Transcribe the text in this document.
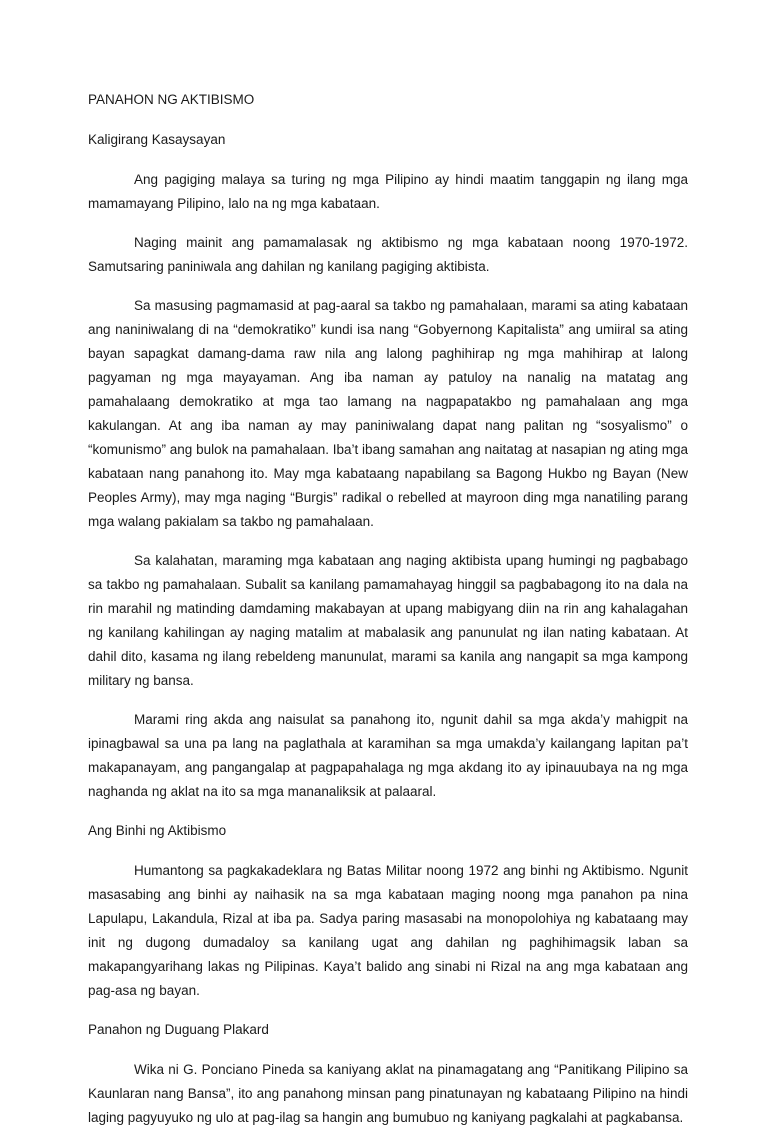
PANAHON NG AKTIBISMO
Kaligirang Kasaysayan

Ang pagiging malaya sa turing ng mga Pilipino ay hindi maatim tanggapin ng ilang mga mamamayang Pilipino, lalo na ng mga kabataan.

Naging mainit ang pamamalasak ng aktibismo ng mga kabataan noong 1970-1972. Samutsaring paniniwala ang dahilan ng kanilang pagiging aktibista.

Sa masusing pagmamasid at pag-aaral sa takbo ng pamahalaan, marami sa ating kabataan ang naniniwalang di na “demokratiko” kundi isa nang “Gobyernong Kapitalista” ang umiiral sa ating bayan sapagkat damang-dama raw nila ang lalong paghihirap ng mga mahihirap at lalong pagyaman ng mga mayayaman. Ang iba naman ay patuloy na nanalig na matatag ang pamahalaang demokratiko at mga tao lamang na nagpapatakbo ng pamahalaan ang mga kakulangan. At ang iba naman ay may paniniwalang dapat nang palitan ng “sosyalismo” o “komunismo” ang bulok na pamahalaan. Iba’t ibang samahan ang naitatag at nasapian ng ating mga kabataan nang panahong ito. May mga kabataang napabilang sa Bagong Hukbo ng Bayan (New Peoples Army), may mga naging “Burgis” radikal o rebelled at mayroon ding mga nanatiling parang mga walang pakialam sa takbo ng pamahalaan.

Sa kalahatan, maraming mga kabataan ang naging aktibista upang humingi ng pagbabago sa takbo ng pamahalaan. Subalit sa kanilang pamamahayag hinggil sa pagbabagong ito na dala na rin marahil ng matinding damdaming makabayan at upang mabigyang diin na rin ang kahalagahan ng kanilang kahilingan ay naging matalim at mabalasik ang panunulat ng ilan nating kabataan. At dahil dito, kasama ng ilang rebeldeng manunulat, marami sa kanila ang nangapit sa mga kampong military ng bansa.

Marami ring akda ang naisulat sa panahong ito, ngunit dahil sa mga akda’y mahigpit na ipinagbawal sa una pa lang na paglathala at karamihan sa mga umakda’y kailangang lapitan pa’t makapanayam, ang pangangalap at pagpapahalaga ng mga akdang ito ay ipinauubaya na ng mga naghanda ng aklat na ito sa mga mananaliksik at palaaral.

Ang Binhi ng Aktibismo

Humantong sa pagkakadeklara ng Batas Militar noong 1972 ang binhi ng Aktibismo. Ngunit masasabing ang binhi ay naihasik na sa mga kabataan maging noong mga panahon pa nina Lapulapu, Lakandula, Rizal at iba pa. Sadya paring masasabi na monopolohiya ng kabataang may init ng dugong dumadaloy sa kanilang ugat ang dahilan ng paghihimagsik laban sa makapangyarihang lakas ng Pilipinas. Kaya’t balido ang sinabi ni Rizal na ang mga kabataan ang pag-asa ng bayan.

Panahon ng Duguang Plakard

Wika ni G. Ponciano Pineda sa kaniyang aklat na pinamagatang ang “Panitikang Pilipino sa Kaunlaran nang Bansa”, ito ang panahong minsan pang pinatunayan ng kabataang Pilipino na hindi laging pagyuyuko ng ulo at pag-ilag sa hangin ang bumubuo ng kaniyang pagkalahi at pagkabansa.
